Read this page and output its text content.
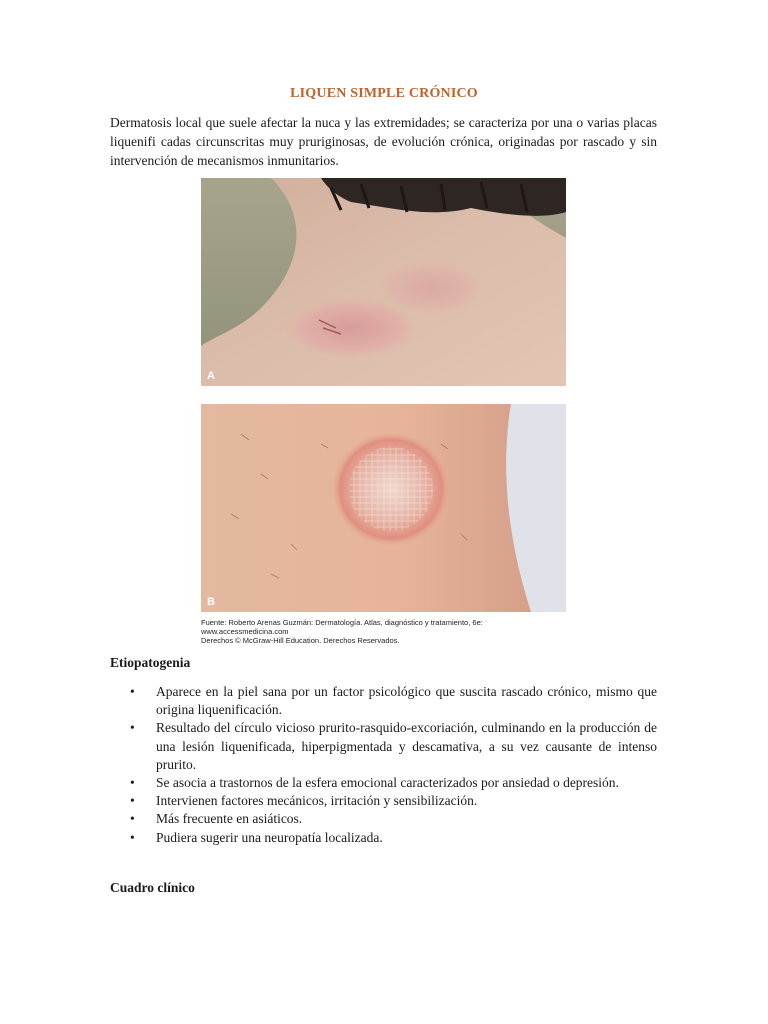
LIQUEN SIMPLE CRÓNICO

Dermatosis local que suele afectar la nuca y las extremidades; se caracteriza por una o varias placas liquenifi cadas circunscritas muy pruriginosas, de evolución crónica, originadas por rascado y sin intervención de mecanismos inmunitarios.

A
B
Fuente: Roberto Arenas Guzmán: Dermatología. Atlas, diagnóstico y tratamiento, 6e:
www.accessmedicina.com
Derechos © McGraw-Hill Education. Derechos Reservados.

Etiopatogenia

• Aparece en la piel sana por un factor psicológico que suscita rascado crónico, mismo que origina liquenificación.
• Resultado del círculo vicioso prurito-rasquido-excoriación, culminando en la producción de una lesión liquenificada, hiperpigmentada y descamativa, a su vez causante de intenso prurito.
• Se asocia a trastornos de la esfera emocional caracterizados por ansiedad o depresión.
• Intervienen factores mecánicos, irritación y sensibilización.
• Más frecuente en asiáticos.
• Pudiera sugerir una neuropatía localizada.

Cuadro clínico
